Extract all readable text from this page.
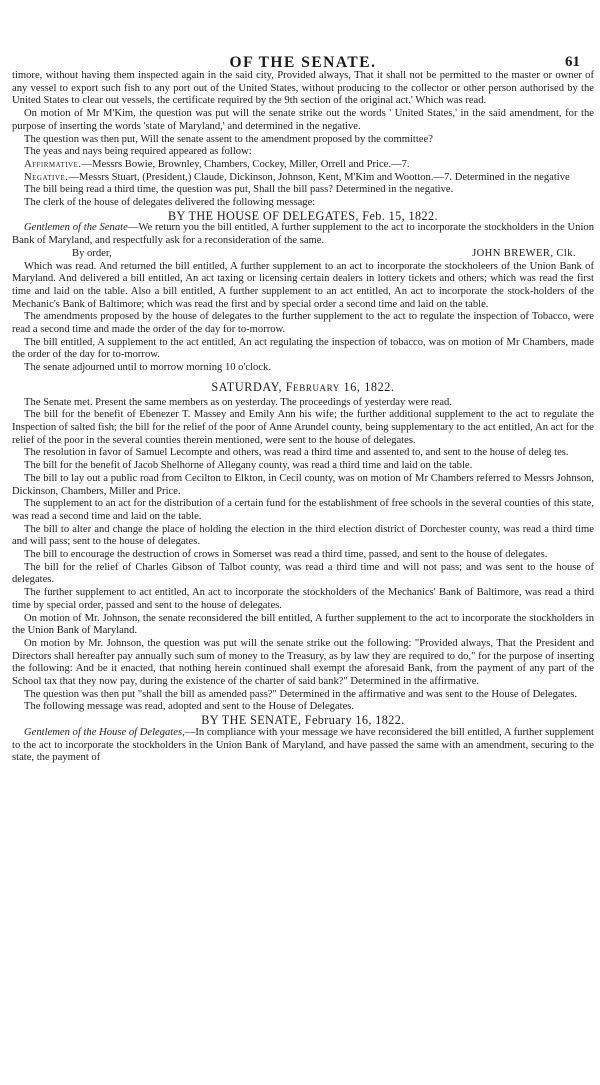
OF THE SENATE.	61

timore, without having them inspected again in the said city, Provided always, That it shall not be permitted to the master or owner of any vessel to export such fish to any port out of the United States, without producing to the collector or other person authorised by the United States to clear out vessels, the certificate required by the 9th section of the original act.' Which was read.

On motion of Mr M'Kim, the question was put will the senate strike out the words ' United States,' in the said amendment, for the purpose of inserting the words 'state of Maryland,' and determined in the negative.

The question was then put, Will the senate assent to the amendment proposed by the committee?

The yeas and nays being required appeared as follow:

Affirmative.—Messrs Bowie, Brownley, Chambers, Cockey, Miller, Orrell and Price.—7.

Negative.—Messrs Stuart, (President,) Claude, Dickinson, Johnson, Kent, M'Kim and Wootton.—7. Determined in the negative

The bill being read a third time, the question was put, Shall the bill pass? Determined in the negative.

The clerk of the house of delegates delivered the following message:

BY THE HOUSE OF DELEGATES, Feb. 15, 1822.

Gentlemen of the Senate—We return you the bill entitled, A further supplement to the act to incorporate the stockholders in the Union Bank of Maryland, and respectfully ask for a reconsideration of the same.

By order,	JOHN BREWER, Clk.

Which was read. And returned the bill entitled, A further supplement to an act to incorporate the stockholeers of the Union Bank of Maryland. And delivered a bill entitled, An act taxing or licensing certain dealers in lottery tickets and others; which was read the first time and laid on the table. Also a bill entitled, A further supplement to an act entitled, An act to incorporate the stock-holders of the Mechanic's Bank of Baltimore; which was read the first and by special order a second time and laid on the table.

The amendments proposed by the house of delegates to the further supplement to the act to regulate the inspection of Tobacco, were read a second time and made the order of the day for to-morrow.

The bill entitled, A supplement to the act entitled, An act regulating the inspection of tobacco, was on motion of Mr Chambers, made the order of the day for to-morrow.

The senate adjourned until to morrow morning 10 o'clock.

SATURDAY, February 16, 1822.

The Senate met. Present the same members as on yesterday. The proceedings of yesterday were read.

The bill for the benefit of Ebenezer T. Massey and Emily Ann his wife; the further additional supplement to the act to regulate the Inspection of salted fish; the bill for the relief of the poor of Anne Arundel county, being supplementary to the act entitled, An act for the relief of the poor in the several counties therein mentioned, were sent to the house of delegates.

The resolution in favor of Samuel Lecompte and others, was read a third time and assented to, and sent to the house of deleg tes.

The bill for the benefit of Jacob Shelhorne of Allegany county, was read a third time and laid on the table.

The bill to lay out a public road from Cecilton to Elkton, in Cecil county, was on motion of Mr Chambers referred to Messrs Johnson, Dickinson, Chambers, Miller and Price.

The supplement to an act for the distribution of a certain fund for the establishment of free schools in the several counties of this state, was read a second time and laid on the table.

The bill to alter and change the place of holding the election in the third election district of Dorchester county, was read a third time and will pass; sent to the house of delegates.

The bill to encourage the destruction of crows in Somerset was read a third time, passed, and sent to the house of delegates.

The bill for the relief of Charles Gibson of Talbot county, was read a third time and will not pass; and was sent to the house of delegates.

The further supplement to act entitled, An act to incorporate the stockholders of the Mechanics' Bank of Baltimore, was read a third time by special order, passed and sent to the house of delegates.

On motion of Mr. Johnson, the senate reconsidered the bill entitled, A further supplement to the act to incorporate the stockholders in the Union Bank of Maryland.

On motion by Mr. Johnson, the question was put will the senate strike out the following: "Provided always, That the President and Directors shall hereafter pay annually such sum of money to the Treasury, as by law they are required to do," for the purpose of inserting the following: And be it enacted, that nothing herein continued shall exempt the aforesaid Bank, from the payment of any part of the School tax that they now pay, during the existence of the charter of said bank?" Determined in the affirmative.

The question was then put "shall the bill as amended pass?" Determined in the affirmative and was sent to the House of Delegates.

The following message was read, adopted and sent to the House of Delegates.

BY THE SENATE, February 16, 1822.

Gentlemen of the House of Delegates,—In compliance with your message we have reconsidered the bill entitled, A further supplement to the act to incorporate the stockholders in the Union Bank of Maryland, and have passed the same with an amendment, securing to the state, the payment of
